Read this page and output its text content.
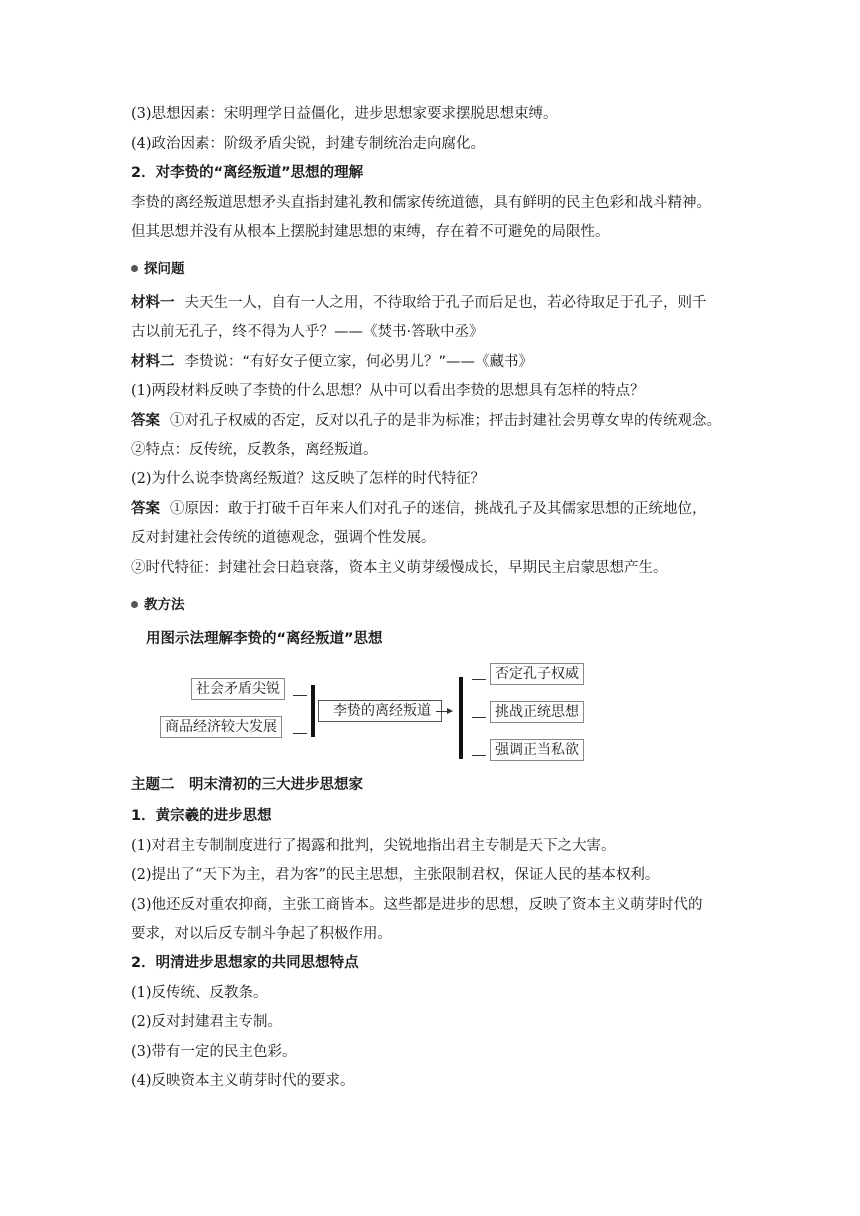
(3)思想因素：宋明理学日益僵化，进步思想家要求摆脱思想束缚。
(4)政治因素：阶级矛盾尖锐，封建专制统治走向腐化。
2．对李贽的“离经叛道”思想的理解
李贽的离经叛道思想矛头直指封建礼教和儒家传统道德，具有鲜明的民主色彩和战斗精神。
但其思想并没有从根本上摆脱封建思想的束缚，存在着不可避免的局限性。
探问题
材料一 夫天生一人，自有一人之用，不待取给于孔子而后足也，若必待取足于孔子，则千
古以前无孔子，终不得为人乎？——《焚书·答耿中丞》
材料二 李贽说：“有好女子便立家，何必男儿？”——《藏书》
(1)两段材料反映了李贽的什么思想？从中可以看出李贽的思想具有怎样的特点？
答案 ①对孔子权威的否定，反对以孔子的是非为标准；抨击封建社会男尊女卑的传统观念。
②特点：反传统，反教条，离经叛道。
(2)为什么说李贽离经叛道？这反映了怎样的时代特征？
答案 ①原因：敢于打破千百年来人们对孔子的迷信，挑战孔子及其儒家思想的正统地位，
反对封建社会传统的道德观念，强调个性发展。
②时代特征：封建社会日趋衰落，资本主义萌芽缓慢成长，早期民主启蒙思想产生。
教方法
用图示法理解李贽的“离经叛道”思想
社会矛盾尖锐
商品经济较大发展
李贽的离经叛道
否定孔子权威
挑战正统思想
强调正当私欲
主题二　明末清初的三大进步思想家
1．黄宗羲的进步思想
(1)对君主专制制度进行了揭露和批判，尖锐地指出君主专制是天下之大害。
(2)提出了“天下为主，君为客”的民主思想，主张限制君权，保证人民的基本权利。
(3)他还反对重农抑商，主张工商皆本。这些都是进步的思想，反映了资本主义萌芽时代的
要求，对以后反专制斗争起了积极作用。
2．明清进步思想家的共同思想特点
(1)反传统、反教条。
(2)反对封建君主专制。
(3)带有一定的民主色彩。
(4)反映资本主义萌芽时代的要求。
